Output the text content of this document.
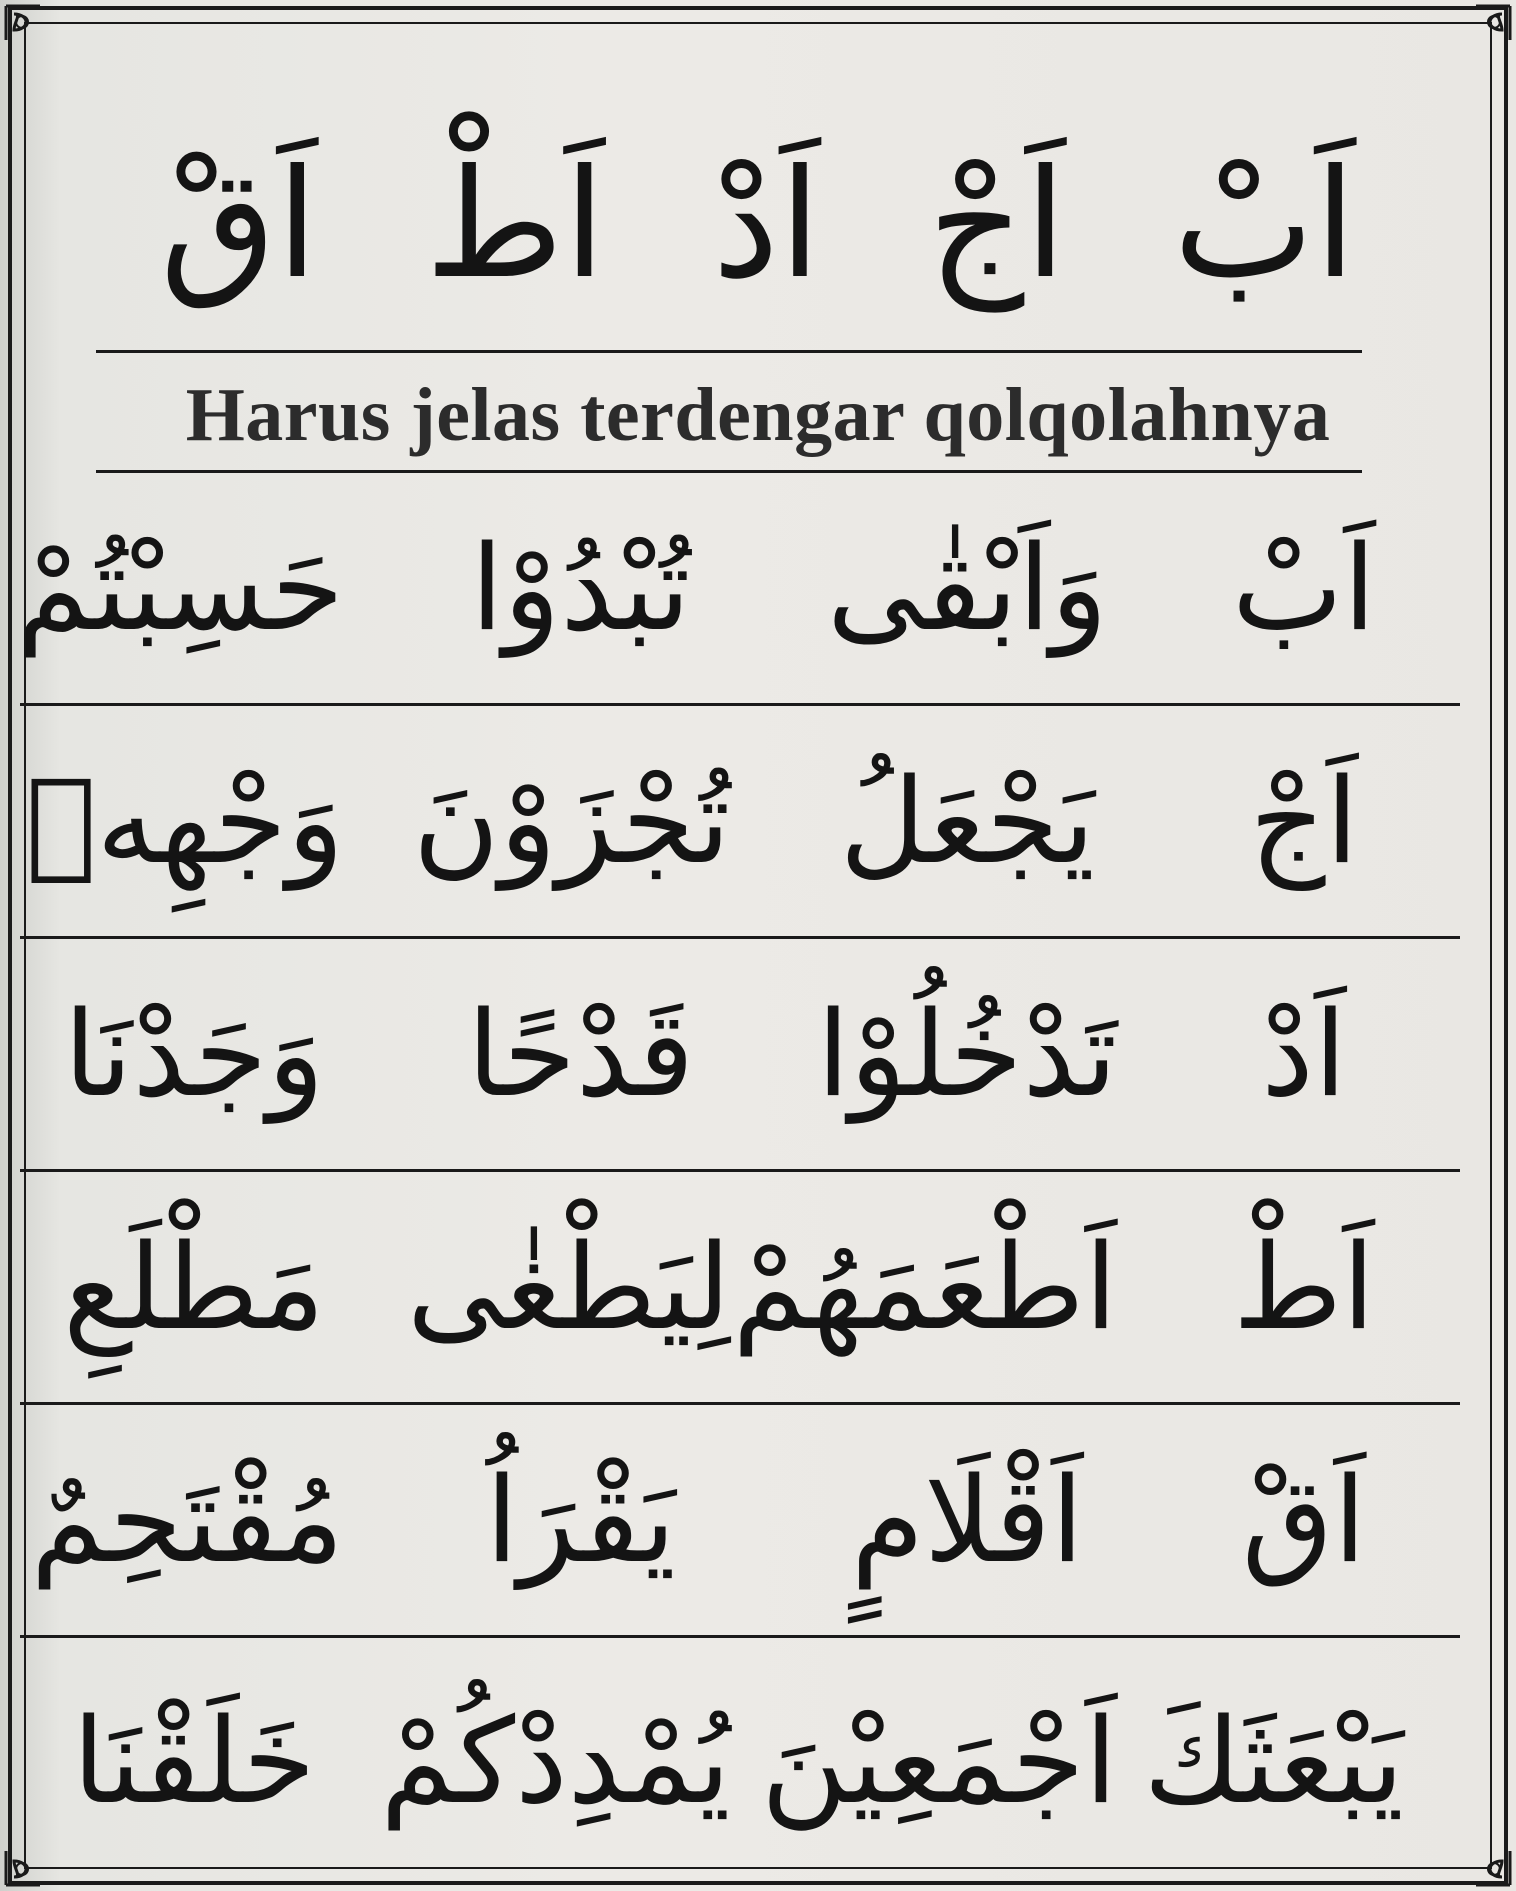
اَبْ
اَجْ
اَدْ
اَطْ
اَقْ
Harus jelas terdengar qolqolahnya
اَبْ
وَاَبْقٰى
تُبْدُوْا
حَسِبْتُمْ
اَجْ
يَجْعَلُ
تُجْزَوْنَ
وَجْهِهٖ
اَدْ
تَدْخُلُوْا
قَدْحًا
وَجَدْنَا
اَطْ
اَطْعَمَهُمْ
لِيَطْغٰى
مَطْلَعِ
اَقْ
اَقْلَامٍ
يَقْرَاُ
مُقْتَحِمٌ
يَبْعَثَكَ
اَجْمَعِيْنَ
يُمْدِدْكُمْ
خَلَقْنَا
